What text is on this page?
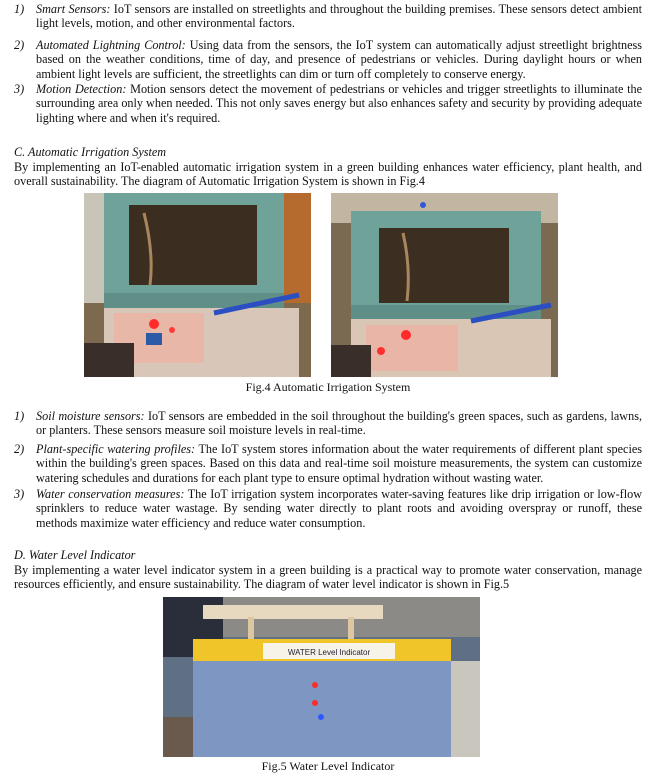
1) Smart Sensors: IoT sensors are installed on streetlights and throughout the building premises. These sensors detect ambient light levels, motion, and other environmental factors.
2) Automated Lightning Control: Using data from the sensors, the IoT system can automatically adjust streetlight brightness based on the weather conditions, time of day, and presence of pedestrians or vehicles. During daylight hours or when ambient light levels are sufficient, the streetlights can dim or turn off completely to conserve energy.
3) Motion Detection: Motion sensors detect the movement of pedestrians or vehicles and trigger streetlights to illuminate the surrounding area only when needed. This not only saves energy but also enhances safety and security by providing adequate lighting where and when it's required.
C. Automatic Irrigation System
By implementing an IoT-enabled automatic irrigation system in a green building enhances water efficiency, plant health, and overall sustainability. The diagram of Automatic Irrigation System is shown in Fig.4
Fig.4 Automatic Irrigation System
1) Soil moisture sensors: IoT sensors are embedded in the soil throughout the building's green spaces, such as gardens, lawns, or planters. These sensors measure soil moisture levels in real-time.
2) Plant-specific watering profiles: The IoT system stores information about the water requirements of different plant species within the building's green spaces. Based on this data and real-time soil moisture measurements, the system can customize watering schedules and durations for each plant type to ensure optimal hydration without wasting water.
3) Water conservation measures: The IoT irrigation system incorporates water-saving features like drip irrigation or low-flow sprinklers to reduce water wastage. By sending water directly to plant roots and avoiding overspray or runoff, these methods maximize water efficiency and reduce water consumption.
D. Water Level Indicator
By implementing a water level indicator system in a green building is a practical way to promote water conservation, manage resources efficiently, and ensure sustainability. The diagram of water level indicator is shown in Fig.5
WATER Level Indicator
Fig.5 Water Level Indicator
